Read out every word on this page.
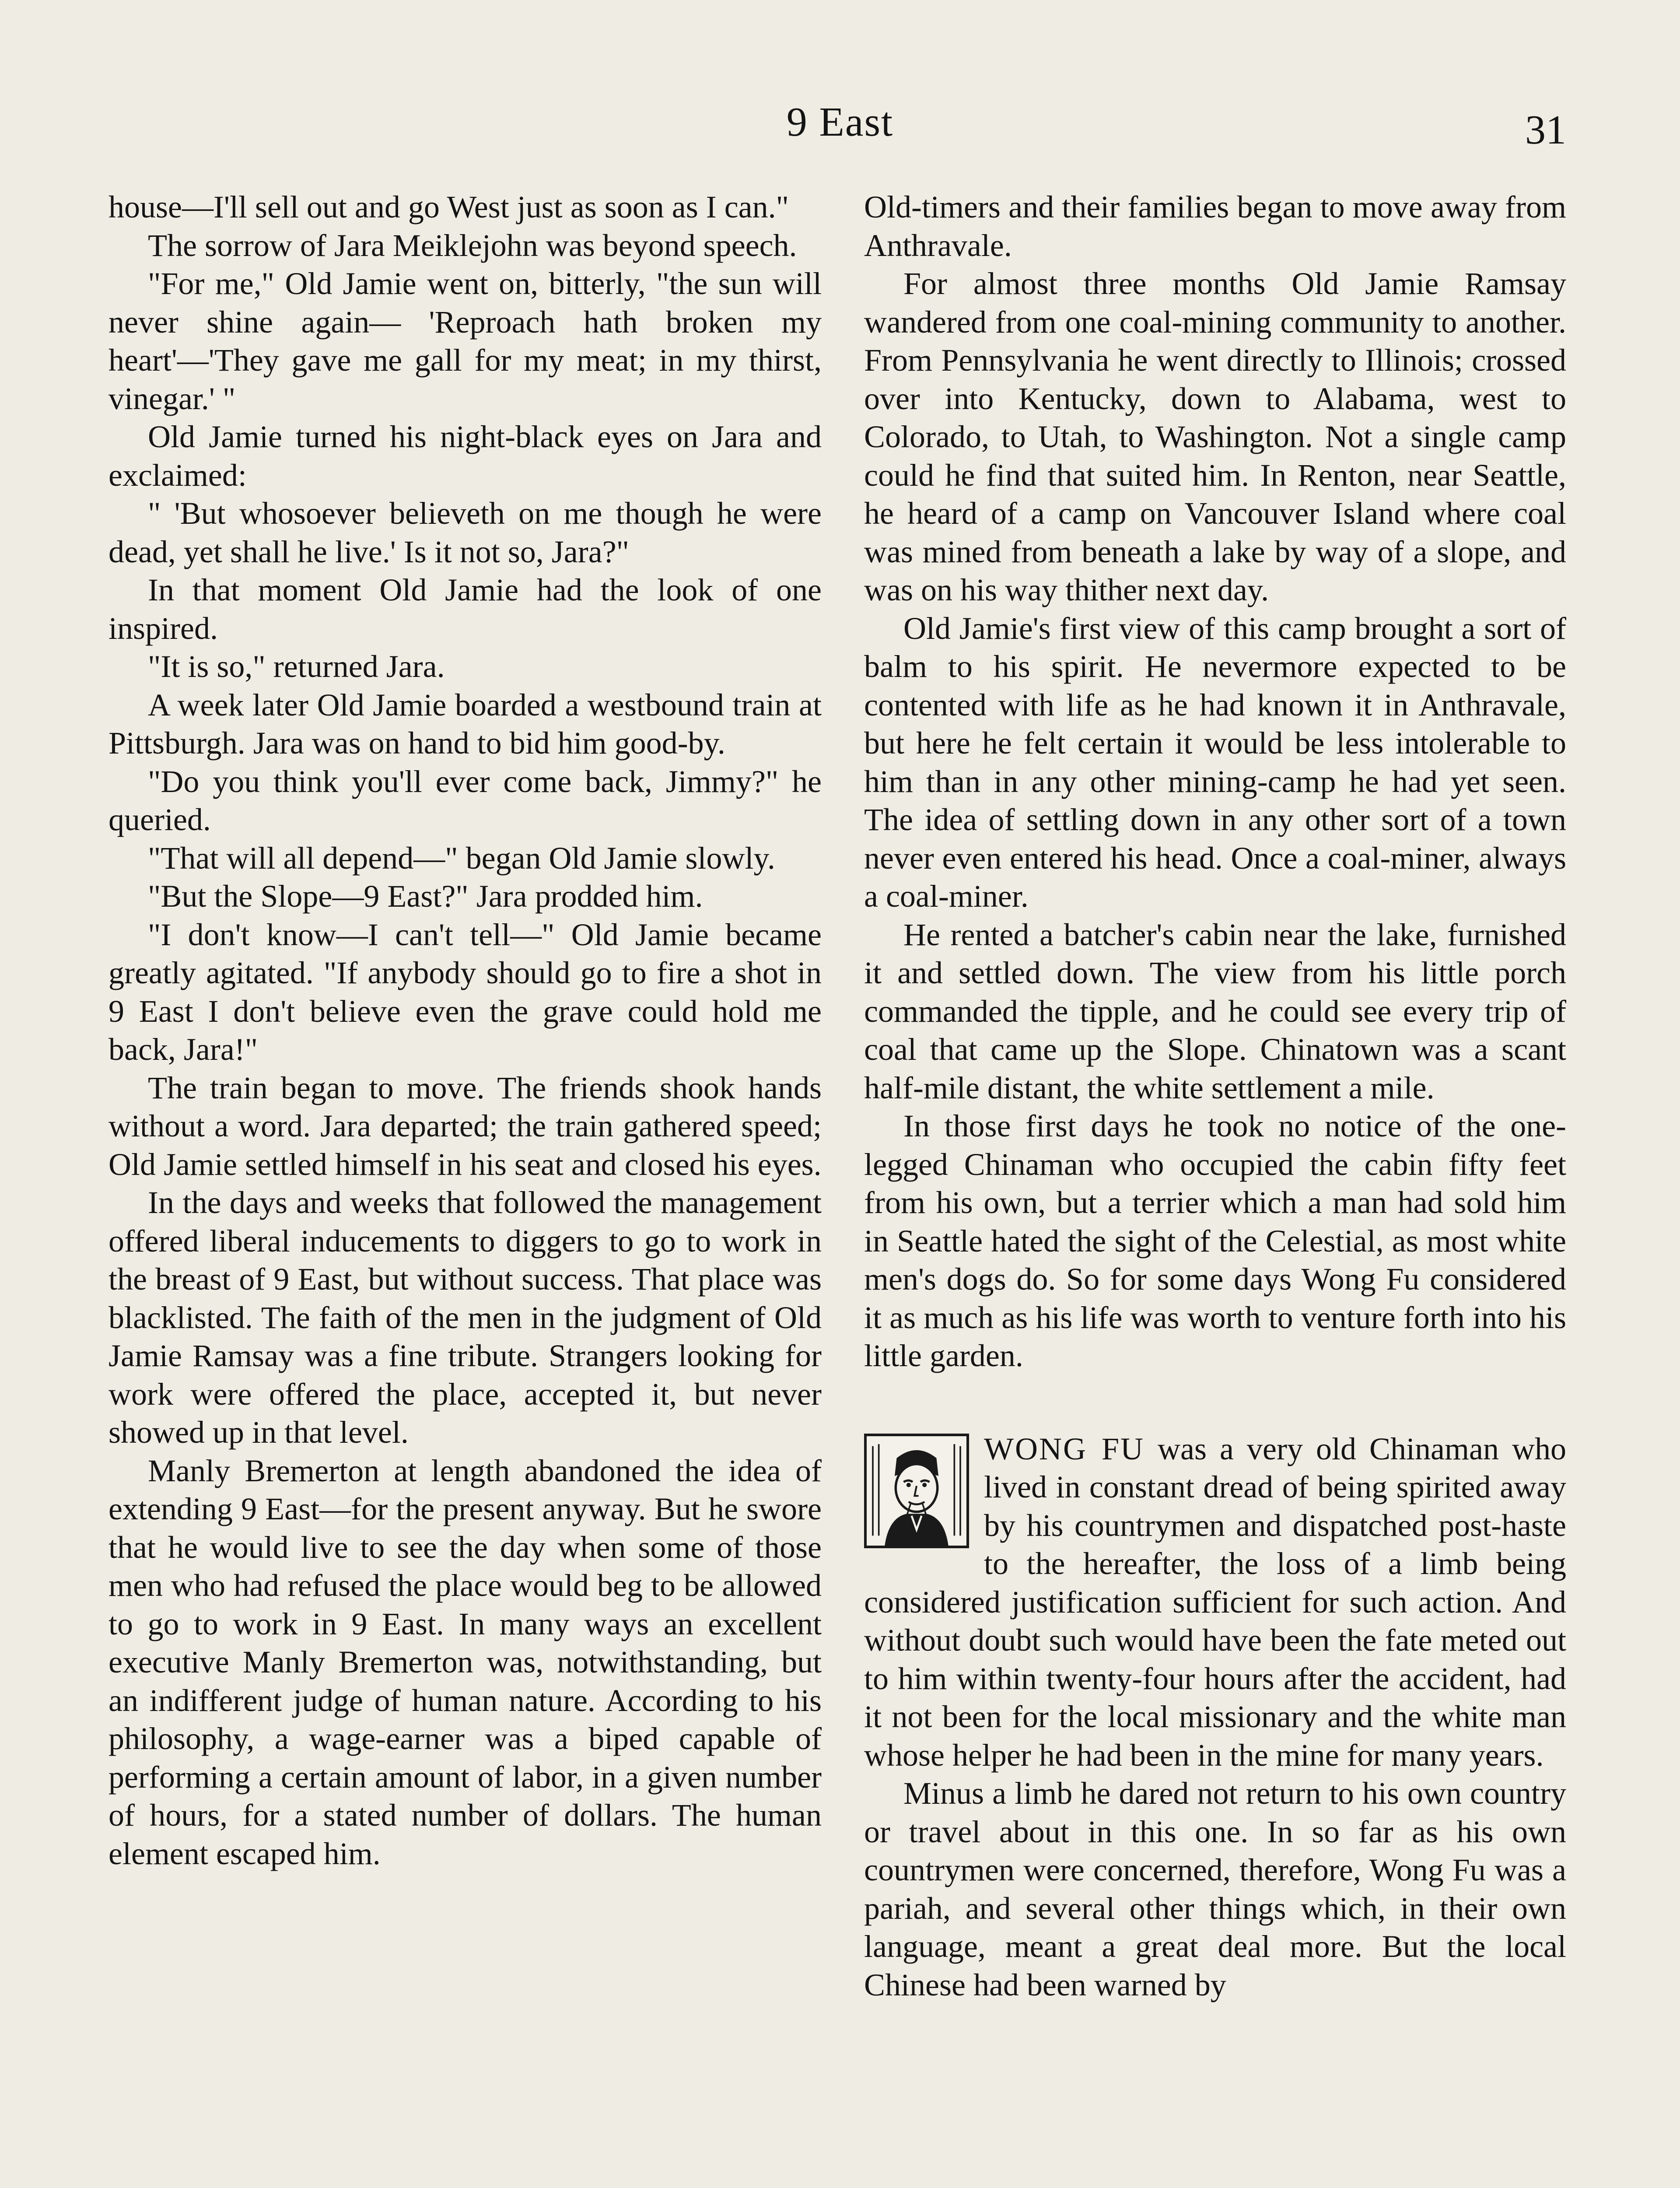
9 East	31

house—I'll sell out and go West just as soon as I can."

The sorrow of Jara Meiklejohn was beyond speech.

"For me," Old Jamie went on, bitterly, "the sun will never shine again— 'Reproach hath broken my heart'—'They gave me gall for my meat; in my thirst, vinegar.' "

Old Jamie turned his night-black eyes on Jara and exclaimed:

" 'But whosoever believeth on me though he were dead, yet shall he live.' Is it not so, Jara?"

In that moment Old Jamie had the look of one inspired.

"It is so," returned Jara.

A week later Old Jamie boarded a westbound train at Pittsburgh. Jara was on hand to bid him good-by.

"Do you think you'll ever come back, Jimmy?" he queried.

"That will all depend—" began Old Jamie slowly.

"But the Slope—9 East?" Jara prodded him.

"I don't know—I can't tell—" Old Jamie became greatly agitated. "If anybody should go to fire a shot in 9 East I don't believe even the grave could hold me back, Jara!"

The train began to move. The friends shook hands without a word. Jara departed; the train gathered speed; Old Jamie settled himself in his seat and closed his eyes.

In the days and weeks that followed the management offered liberal inducements to diggers to go to work in the breast of 9 East, but without success. That place was blacklisted. The faith of the men in the judgment of Old Jamie Ramsay was a fine tribute. Strangers looking for work were offered the place, accepted it, but never showed up in that level.

Manly Bremerton at length abandoned the idea of extending 9 East—for the present anyway. But he swore that he would live to see the day when some of those men who had refused the place would beg to be allowed to go to work in 9 East. In many ways an excellent executive Manly Bremerton was, notwithstanding, but an indifferent judge of human nature. According to his philosophy, a wage-earner was a biped capable of performing a certain amount of labor, in a given number of hours, for a stated number of dollars. The human element escaped him.

Old-timers and their families began to move away from Anthravale.

For almost three months Old Jamie Ramsay wandered from one coal-mining community to another. From Pennsylvania he went directly to Illinois; crossed over into Kentucky, down to Alabama, west to Colorado, to Utah, to Washington. Not a single camp could he find that suited him. In Renton, near Seattle, he heard of a camp on Vancouver Island where coal was mined from beneath a lake by way of a slope, and was on his way thither next day.

Old Jamie's first view of this camp brought a sort of balm to his spirit. He nevermore expected to be contented with life as he had known it in Anthravale, but here he felt certain it would be less intolerable to him than in any other mining-camp he had yet seen. The idea of settling down in any other sort of a town never even entered his head. Once a coal-miner, always a coal-miner.

He rented a batcher's cabin near the lake, furnished it and settled down. The view from his little porch commanded the tipple, and he could see every trip of coal that came up the Slope. Chinatown was a scant half-mile distant, the white settlement a mile.

In those first days he took no notice of the one-legged Chinaman who occupied the cabin fifty feet from his own, but a terrier which a man had sold him in Seattle hated the sight of the Celestial, as most white men's dogs do. So for some days Wong Fu considered it as much as his life was worth to venture forth into his little garden.

WONG FU was a very old Chinaman who lived in constant dread of being spirited away by his countrymen and dispatched post-haste to the hereafter, the loss of a limb being considered justification sufficient for such action. And without doubt such would have been the fate meted out to him within twenty-four hours after the accident, had it not been for the local missionary and the white man whose helper he had been in the mine for many years.

Minus a limb he dared not return to his own country or travel about in this one. In so far as his own countrymen were concerned, therefore, Wong Fu was a pariah, and several other things which, in their own language, meant a great deal more. But the local Chinese had been warned by
